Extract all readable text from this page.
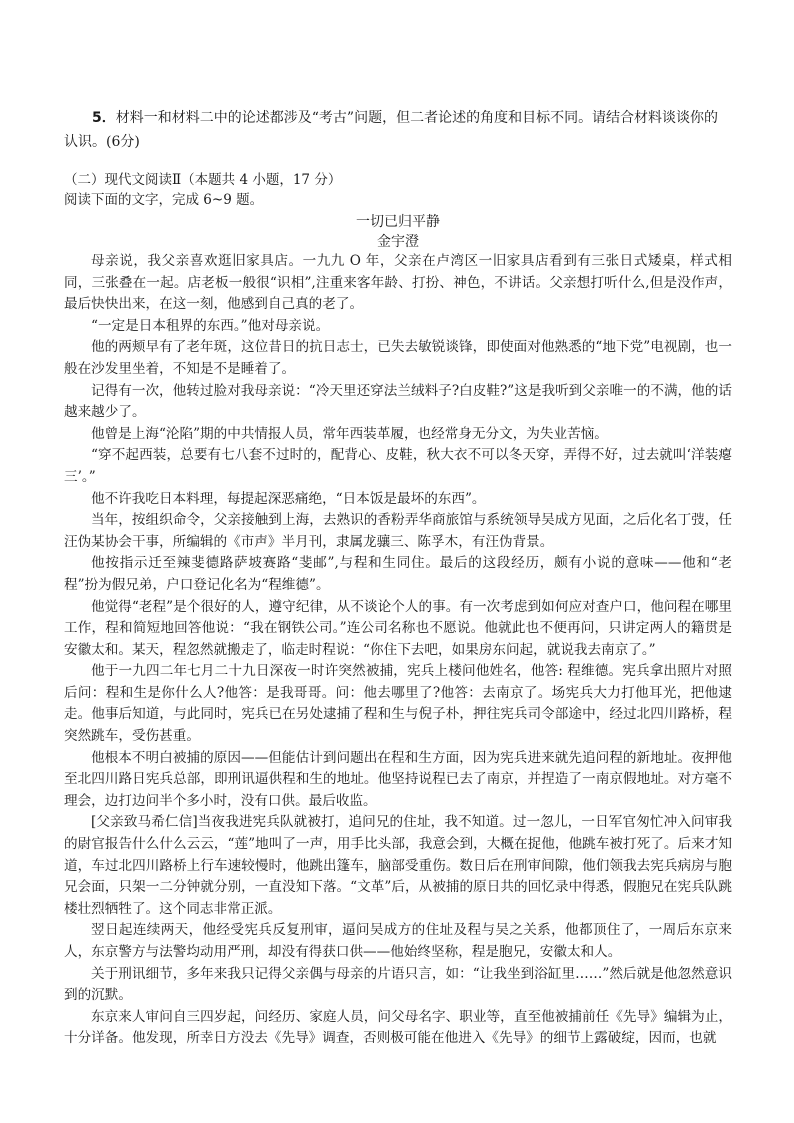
5．材料一和材料二中的论述都涉及“考古”问题，但二者论述的角度和目标不同。请结合材料谈谈你的认识。(6分)
（二）现代文阅读Ⅱ（本题共 4 小题，17 分）
阅读下面的文字，完成 6~9 题。
一切已归平静
金宇澄

母亲说，我父亲喜欢逛旧家具店。一九九 O 年，父亲在卢湾区一旧家具店看到有三张日式矮桌，样式相同，三张叠在一起。店老板一般很“识相”,注重来客年龄、打扮、神色，不讲话。父亲想打听什么,但是没作声，最后快快出来，在这一刻，他感到自己真的老了。

“一定是日本租界的东西。”他对母亲说。

他的两颊早有了老年斑，这位昔日的抗日志士，已失去敏锐谈锋，即使面对他熟悉的“地下党”电视剧，也一般在沙发里坐着，不知是不是睡着了。

记得有一次，他转过脸对我母亲说：“冷天里还穿法兰绒料子?白皮鞋?”这是我听到父亲唯一的不满，他的话越来越少了。

他曾是上海“沦陷”期的中共情报人员，常年西装革履，也经常身无分文，为失业苦恼。

“穿不起西装，总要有七八套不过时的，配背心、皮鞋，秋大衣不可以冬天穿，弄得不好，过去就叫‘洋装瘪三’。”

他不许我吃日本料理，每提起深恶痛绝，“日本饭是最坏的东西”。

当年，按组织命令，父亲接触到上海，去熟识的香粉弄华商旅馆与系统领导吴成方见面，之后化名丁弢，任汪伪某协会干事，所编辑的《市声》半月刊，隶属龙骧三、陈孚木，有汪伪背景。

他按指示迁至辣斐德路萨坡赛路“斐邮”,与程和生同住。最后的这段经历，颇有小说的意味——他和“老程”扮为假兄弟，户口登记化名为“程维德”。

他觉得“老程”是个很好的人，遵守纪律，从不谈论个人的事。有一次考虑到如何应对查户口，他问程在哪里工作，程和简短地回答他说：“我在钢铁公司。”连公司名称也不愿说。他就此也不便再问，只讲定两人的籍贯是安徽太和。某天，程忽然就搬走了，临走时程说：“你住下去吧，如果房东问起，就说我去南京了。”

他于一九四二年七月二十九日深夜一时许突然被捕，宪兵上楼问他姓名，他答: 程维德。宪兵拿出照片对照后问：程和生是你什么人?他答：是我哥哥。问：他去哪里了?他答：去南京了。场宪兵大力打他耳光，把他逮走。他事后知道，与此同时，宪兵已在另处逮捕了程和生与倪子朴，押往宪兵司令部途中，经过北四川路桥，程突然跳车，受伤甚重。

他根本不明白被捕的原因——但能估计到问题出在程和生方面，因为宪兵进来就先追问程的新地址。夜押他至北四川路日宪兵总部，即刑讯逼供程和生的地址。他坚持说程已去了南京，并捏造了一南京假地址。对方毫不理会，边打边问半个多小时，没有口供。最后收监。

[父亲致马希仁信]当夜我进宪兵队就被打，追问兄的住址，我不知道。过一忽儿，一日军官匆忙冲入问审我的尉官报告什么什么云云，“莲”地叫了一声，用手比头部，我意会到，大概在捉他，他跳车被打死了。后来才知道，车过北四川路桥上行车速较慢时，他跳出篷车，脑部受重伤。数日后在刑审间隙，他们领我去宪兵病房与胞兄会面，只架一二分钟就分别，一直没知下落。“文革”后，从被捕的原日共的回忆录中得悉，假胞兄在宪兵队跳楼壮烈牺牲了。这个同志非常正派。

翌日起连续两天，他经受宪兵反复刑审，逼问吴成方的住址及程与吴之关系，他都顶住了，一周后东京来人，东京警方与法警均动用严刑，却没有得获口供——他始终坚称，程是胞兄，安徽太和人。

关于刑讯细节，多年来我只记得父亲偶与母亲的片语只言，如：“让我坐到浴缸里……”然后就是他忽然意识到的沉默。

东京来人审问自三四岁起，问经历、家庭人员，问父母名字、职业等，直至他被捕前任《先导》编辑为止，十分详备。他发现，所幸日方没去《先导》调查，否则极可能在他进入《先导》的细节上露破绽，因而，也就
